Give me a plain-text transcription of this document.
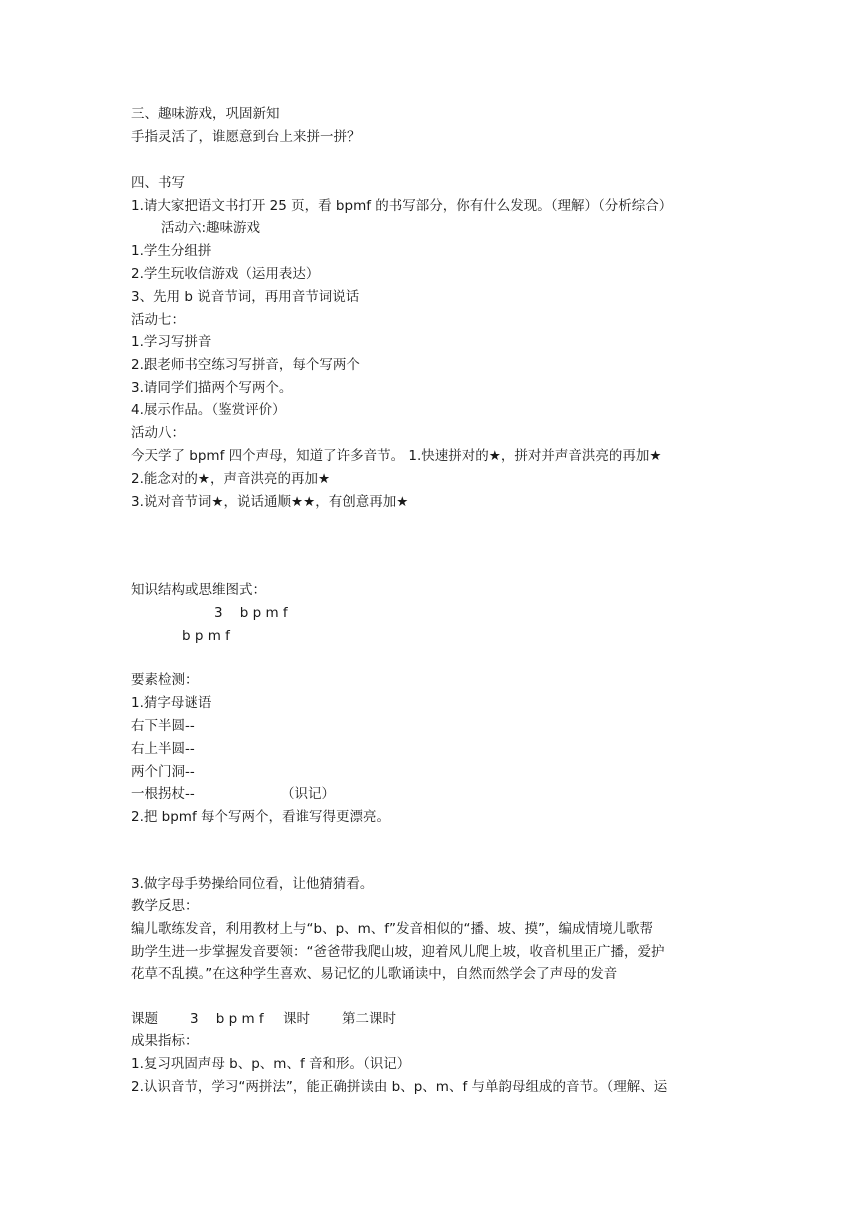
三、趣味游戏，巩固新知
手指灵活了，谁愿意到台上来拼一拼？
四、书写
1.请大家把语文书打开 25 页，看 bpmf 的书写部分，你有什么发现。（理解）（分析综合）
活动六:趣味游戏
1.学生分组拼
2.学生玩收信游戏（运用表达）
3、先用 b 说音节词，再用音节词说话
活动七：
1.学习写拼音
2.跟老师书空练习写拼音，每个写两个
3.请同学们描两个写两个。
4.展示作品。（鉴赏评价）
活动八：
今天学了 bpmf 四个声母，知道了许多音节。 1.快速拼对的★，拼对并声音洪亮的再加★
2.能念对的★，声音洪亮的再加★
3.说对音节词★，说话通顺★★，有创意再加★
知识结构或思维图式：
3    b p m f
b p m f
要素检测：
1.猜字母谜语
右下半圆--
右上半圆--
两个门洞--
一根拐杖--	（识记）
2.把 bpmf 每个写两个，看谁写得更漂亮。
3.做字母手势操给同位看，让他猜猜看。
教学反思：
编儿歌练发音，利用教材上与“b、p、m、f”发音相似的“播、坡、摸”，编成情境儿歌帮
助学生进一步掌握发音要领：“爸爸带我爬山坡，迎着风儿爬上坡，收音机里正广播，爱护
花草不乱摸。”在这种学生喜欢、易记忆的儿歌诵读中，自然而然学会了声母的发音
课题 3    b p m f 课时 第二课时
成果指标：
1.复习巩固声母 b、p、m、f 音和形。（识记）
2.认识音节，学习“两拼法”，能正确拼读由 b、p、m、f 与单韵母组成的音节。（理解、运
